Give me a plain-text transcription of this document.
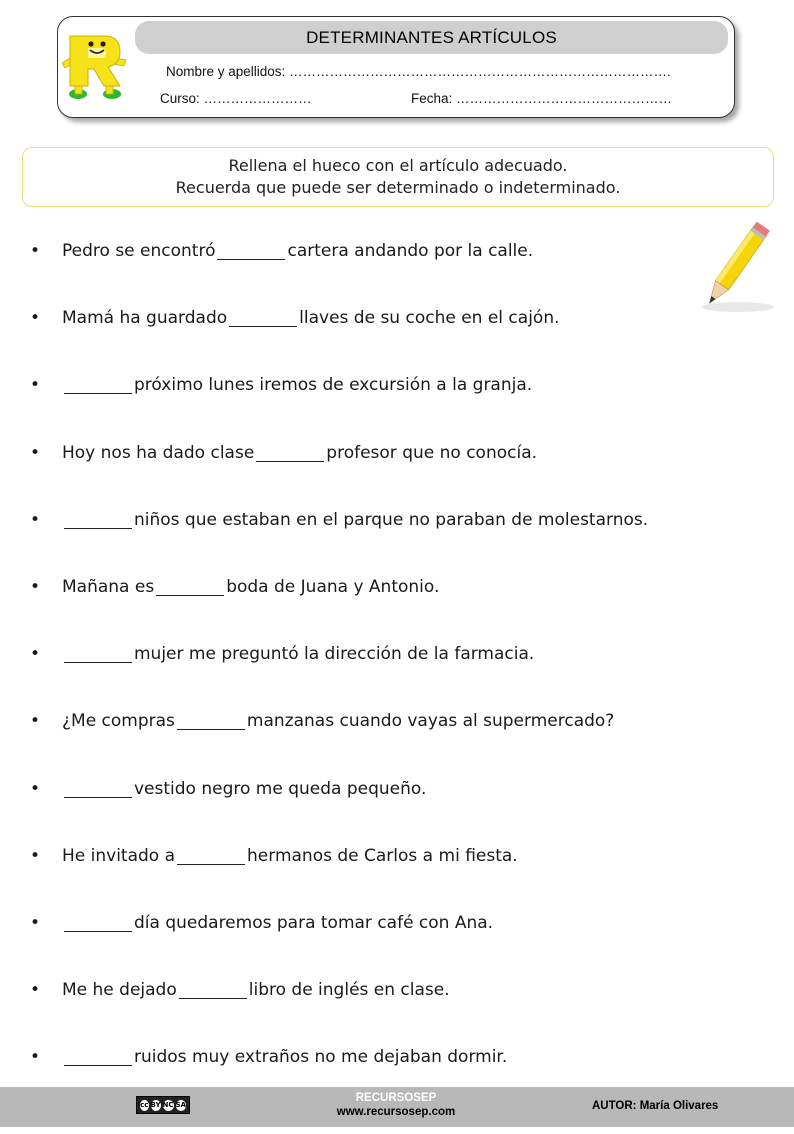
DETERMINANTES ARTÍCULOS
Nombre y apellidos: ………………………………………………………………………….
Curso: ……………………	Fecha: …………………………………………
Rellena el hueco con el artículo adecuado.
Recuerda que puede ser determinado o indeterminado.
•	Pedro se encontró	cartera andando por la calle.
•	Mamá ha guardado	llaves de su coche en el cajón.
•	próximo lunes iremos de excursión a la granja.
•	Hoy nos ha dado clase	profesor que no conocía.
•	niños que estaban en el parque no paraban de molestarnos.
•	Mañana es	boda de Juana y Antonio.
•	mujer me preguntó la dirección de la farmacia.
•	¿Me compras	manzanas cuando vayas al supermercado?
•	vestido negro me queda pequeño.
•	He invitado a	hermanos de Carlos a mi fiesta.
•	día quedaremos para tomar café con Ana.
•	Me he dejado	libro de inglés en clase.
•	ruidos muy extraños no me dejaban dormir.
cc BY NC SA
RECURSOSEP
www.recursosep.com	AUTOR: María Olivares
